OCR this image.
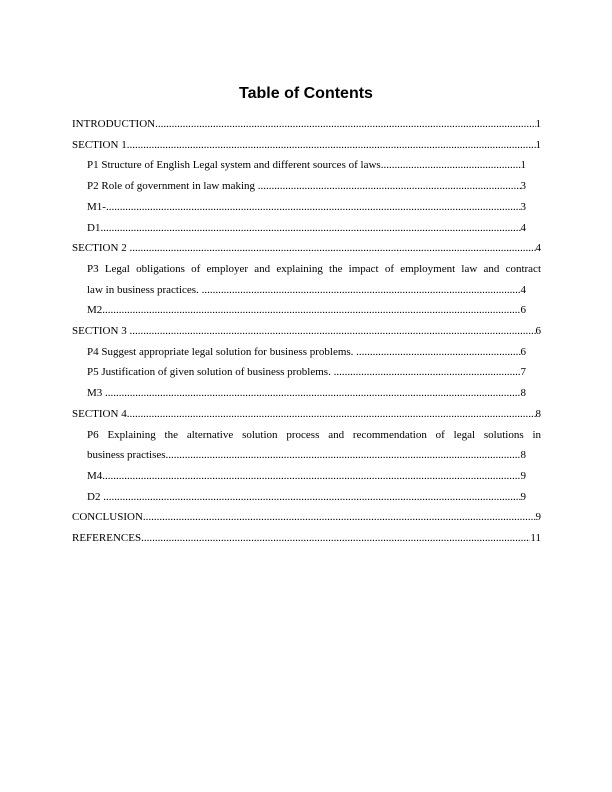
Table of Contents
INTRODUCTION .....	1
SECTION 1 .....	1
P1 Structure of English Legal system and different sources of laws .....	1
P2 Role of government in law making .....	3
M1- .....	3
D1 .....	4
SECTION 2 .....	4
P3 Legal obligations of employer and explaining the impact of employment law and contract
law in business practices. .....	4
M2 .....	6
SECTION 3 .....	6
P4 Suggest appropriate legal solution for business problems. .....	6
P5 Justification of given solution of business problems. .....	7
M3 .....	8
SECTION 4 .....	8
P6 Explaining the alternative solution process and recommendation of legal solutions in
business practises .....	8
M4 .....	9
D2 .....	9
CONCLUSION .....	9
REFERENCES .....	11
